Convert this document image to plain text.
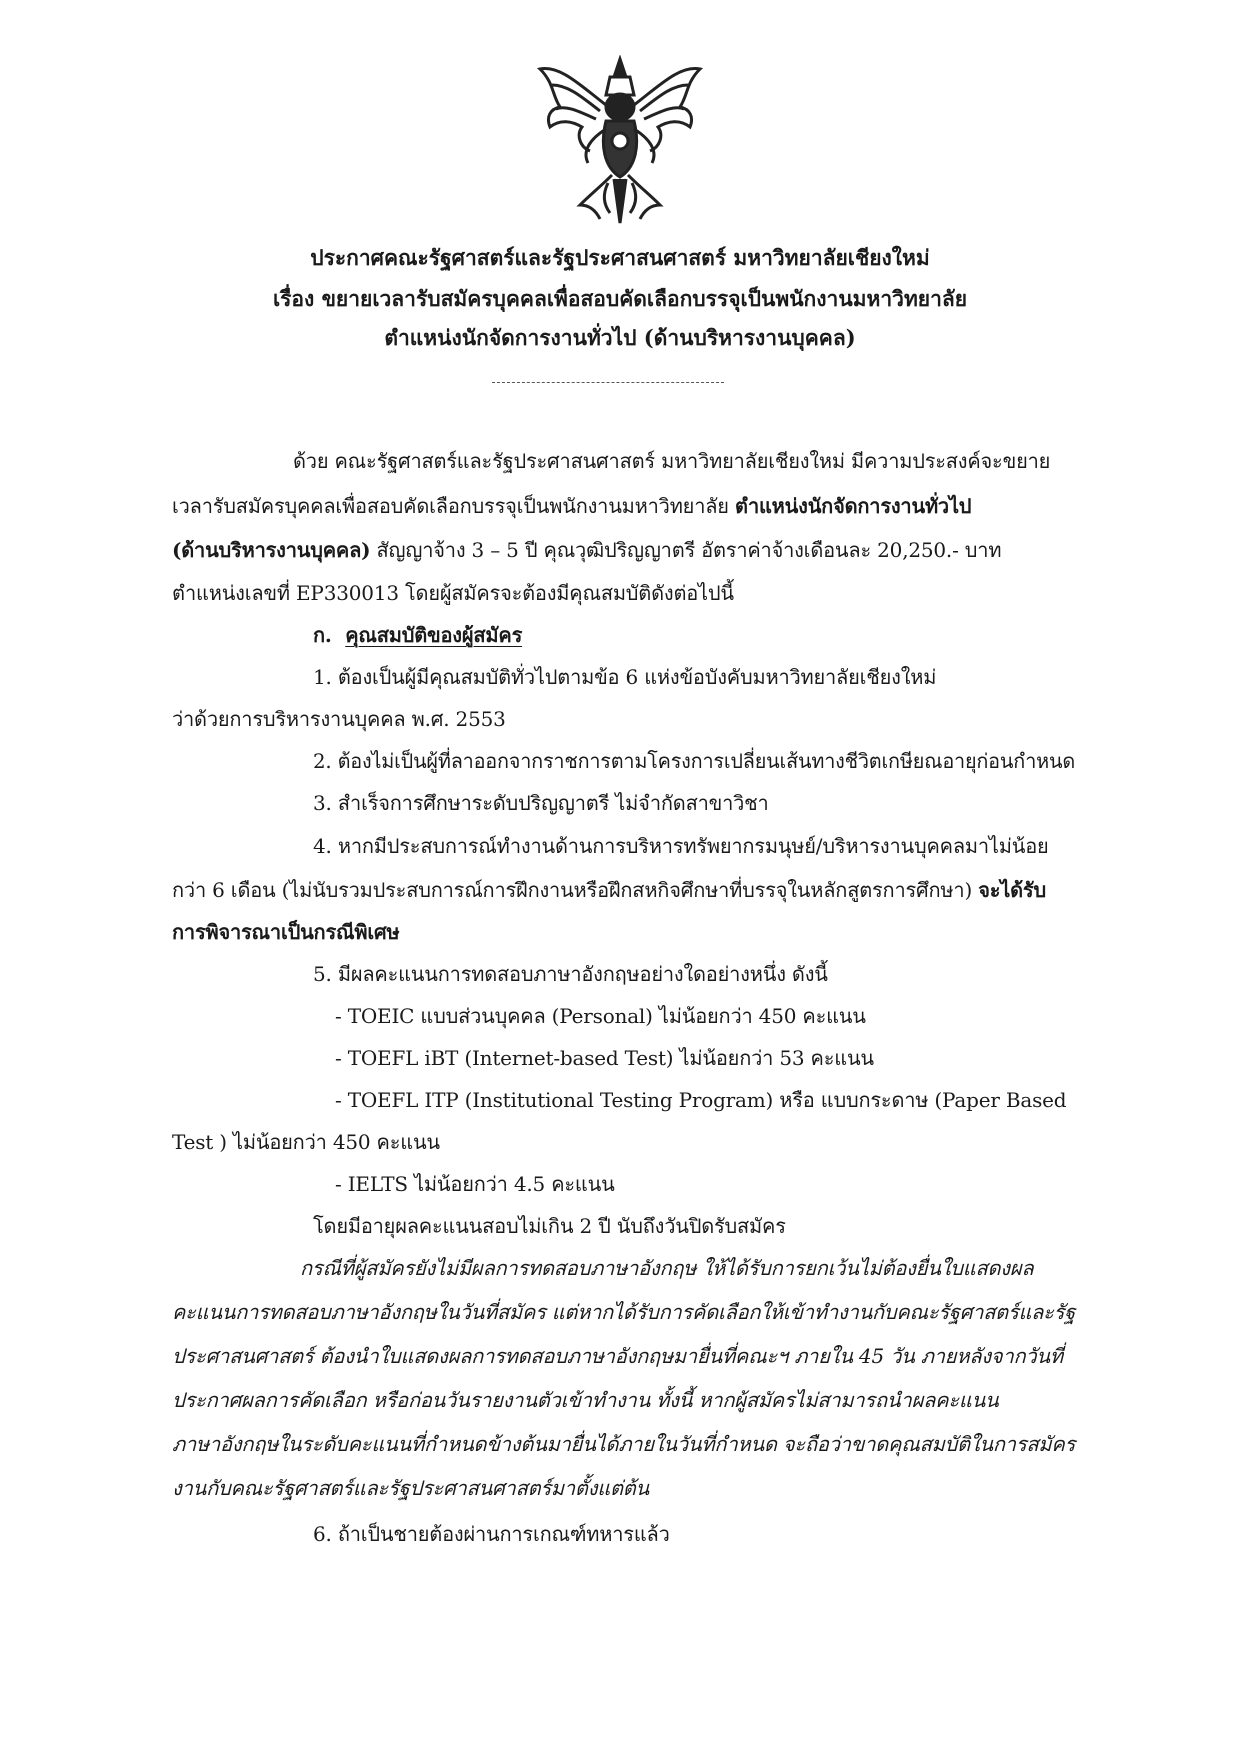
ประกาศคณะรัฐศาสตร์และรัฐประศาสนศาสตร์ มหาวิทยาลัยเชียงใหม่
เรื่อง ขยายเวลารับสมัครบุคคลเพื่อสอบคัดเลือกบรรจุเป็นพนักงานมหาวิทยาลัย
ตำแหน่งนักจัดการงานทั่วไป (ด้านบริหารงานบุคคล)
ด้วย คณะรัฐศาสตร์และรัฐประศาสนศาสตร์ มหาวิทยาลัยเชียงใหม่ มีความประสงค์จะขยาย
เวลารับสมัครบุคคลเพื่อสอบคัดเลือกบรรจุเป็นพนักงานมหาวิทยาลัย ตำแหน่งนักจัดการงานทั่วไป
(ด้านบริหารงานบุคคล) สัญญาจ้าง 3 – 5 ปี คุณวุฒิปริญญาตรี อัตราค่าจ้างเดือนละ 20,250.- บาท
ตำแหน่งเลขที่ EP330013 โดยผู้สมัครจะต้องมีคุณสมบัติดังต่อไปนี้
ก. คุณสมบัติของผู้สมัคร
1. ต้องเป็นผู้มีคุณสมบัติทั่วไปตามข้อ 6 แห่งข้อบังคับมหาวิทยาลัยเชียงใหม่
ว่าด้วยการบริหารงานบุคคล พ.ศ. 2553
2. ต้องไม่เป็นผู้ที่ลาออกจากราชการตามโครงการเปลี่ยนเส้นทางชีวิตเกษียณอายุก่อนกำหนด
3. สำเร็จการศึกษาระดับปริญญาตรี ไม่จำกัดสาขาวิชา
4. หากมีประสบการณ์ทำงานด้านการบริหารทรัพยากรมนุษย์/บริหารงานบุคคลมาไม่น้อย
กว่า 6 เดือน (ไม่นับรวมประสบการณ์การฝึกงานหรือฝึกสหกิจศึกษาที่บรรจุในหลักสูตรการศึกษา) จะได้รับ
การพิจารณาเป็นกรณีพิเศษ
5. มีผลคะแนนการทดสอบภาษาอังกฤษอย่างใดอย่างหนึ่ง ดังนี้
- TOEIC แบบส่วนบุคคล (Personal) ไม่น้อยกว่า 450 คะแนน
- TOEFL iBT (Internet-based Test) ไม่น้อยกว่า 53 คะแนน
- TOEFL ITP (Institutional Testing Program) หรือ แบบกระดาษ (Paper Based
Test ) ไม่น้อยกว่า 450 คะแนน
- IELTS ไม่น้อยกว่า 4.5 คะแนน
โดยมีอายุผลคะแนนสอบไม่เกิน 2 ปี นับถึงวันปิดรับสมัคร
กรณีที่ผู้สมัครยังไม่มีผลการทดสอบภาษาอังกฤษ ให้ได้รับการยกเว้นไม่ต้องยื่นใบแสดงผล
คะแนนการทดสอบภาษาอังกฤษในวันที่สมัคร แต่หากได้รับการคัดเลือกให้เข้าทำงานกับคณะรัฐศาสตร์และรัฐ
ประศาสนศาสตร์ ต้องนำใบแสดงผลการทดสอบภาษาอังกฤษมายื่นที่คณะฯ ภายใน 45 วัน ภายหลังจากวันที่
ประกาศผลการคัดเลือก หรือก่อนวันรายงานตัวเข้าทำงาน ทั้งนี้ หากผู้สมัครไม่สามารถนำผลคะแนน
ภาษาอังกฤษในระดับคะแนนที่กำหนดข้างต้นมายื่นได้ภายในวันที่กำหนด จะถือว่าขาดคุณสมบัติในการสมัคร
งานกับคณะรัฐศาสตร์และรัฐประศาสนศาสตร์มาตั้งแต่ต้น
6. ถ้าเป็นชายต้องผ่านการเกณฑ์ทหารแล้ว
